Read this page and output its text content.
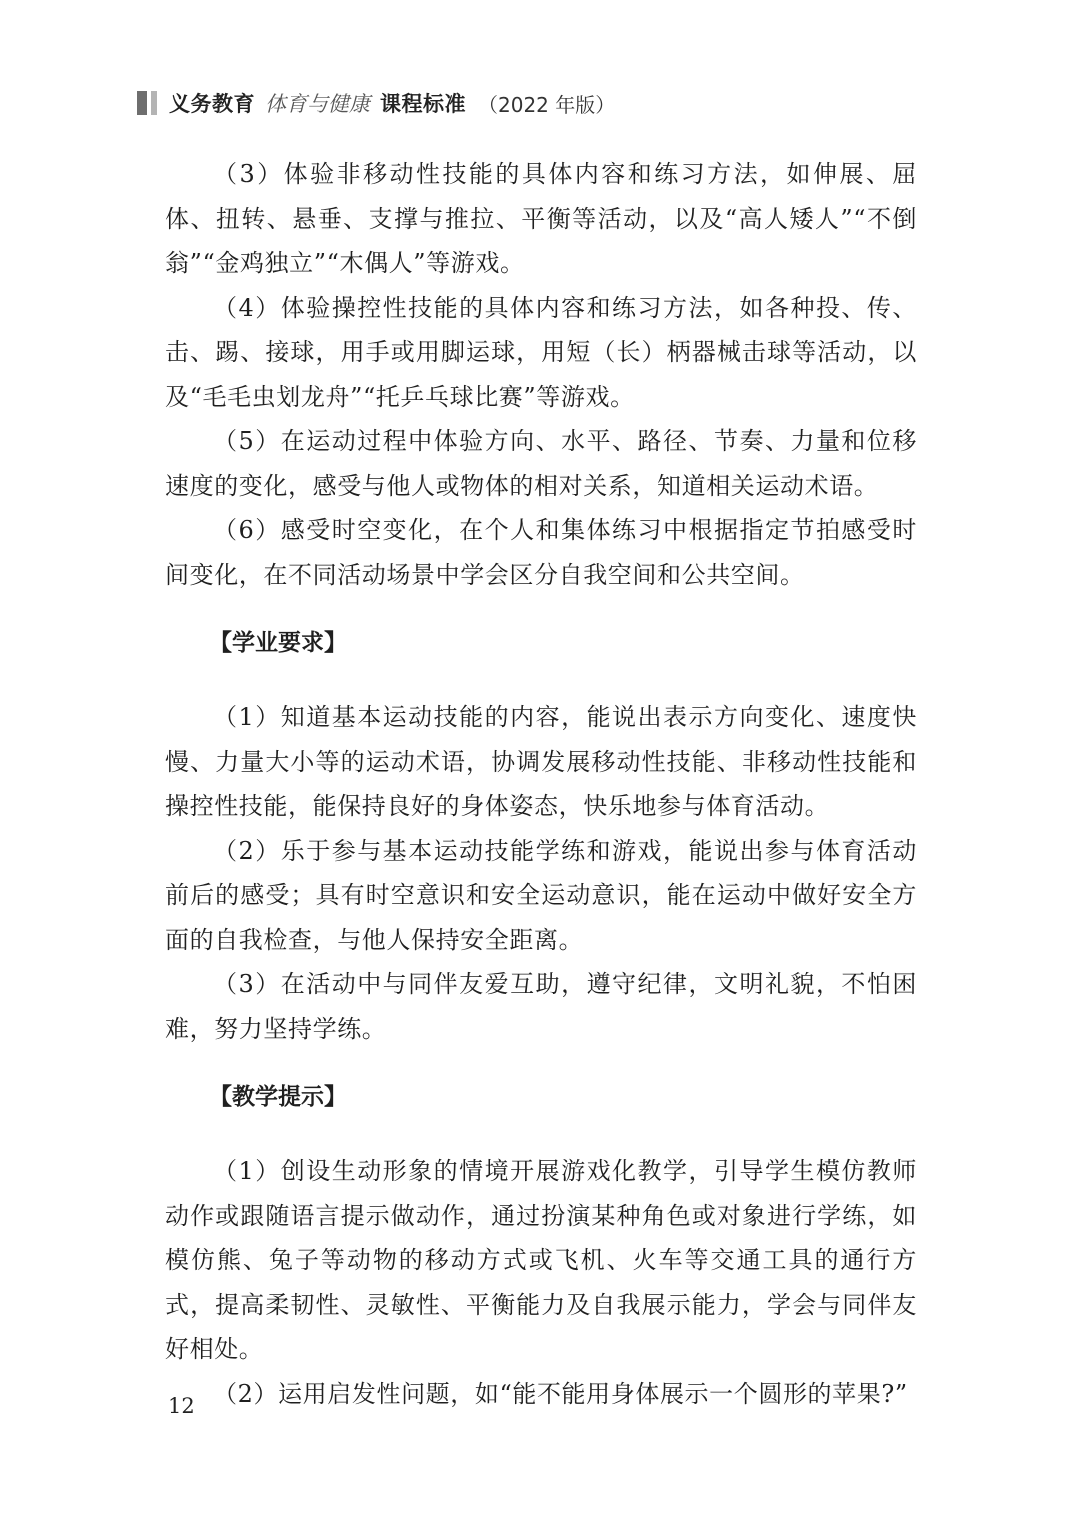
义务教育 体育与健康 课程标准 （2022 年版）

（3）体验非移动性技能的具体内容和练习方法，如伸展、屈体、扭转、悬垂、支撑与推拉、平衡等活动，以及“高人矮人”“不倒翁”“金鸡独立”“木偶人”等游戏。

（4）体验操控性技能的具体内容和练习方法，如各种投、传、击、踢、接球，用手或用脚运球，用短（长）柄器械击球等活动，以及“毛毛虫划龙舟”“托乒乓球比赛”等游戏。

（5）在运动过程中体验方向、水平、路径、节奏、力量和位移速度的变化，感受与他人或物体的相对关系，知道相关运动术语。

（6）感受时空变化，在个人和集体练习中根据指定节拍感受时间变化，在不同活动场景中学会区分自我空间和公共空间。

【学业要求】

（1）知道基本运动技能的内容，能说出表示方向变化、速度快慢、力量大小等的运动术语，协调发展移动性技能、非移动性技能和操控性技能，能保持良好的身体姿态，快乐地参与体育活动。

（2）乐于参与基本运动技能学练和游戏，能说出参与体育活动前后的感受；具有时空意识和安全运动意识，能在运动中做好安全方面的自我检查，与他人保持安全距离。

（3）在活动中与同伴友爱互助，遵守纪律，文明礼貌，不怕困难，努力坚持学练。

【教学提示】

（1）创设生动形象的情境开展游戏化教学，引导学生模仿教师动作或跟随语言提示做动作，通过扮演某种角色或对象进行学练，如模仿熊、兔子等动物的移动方式或飞机、火车等交通工具的通行方式，提高柔韧性、灵敏性、平衡能力及自我展示能力，学会与同伴友好相处。

（2）运用启发性问题，如“能不能用身体展示一个圆形的苹果?”

12
